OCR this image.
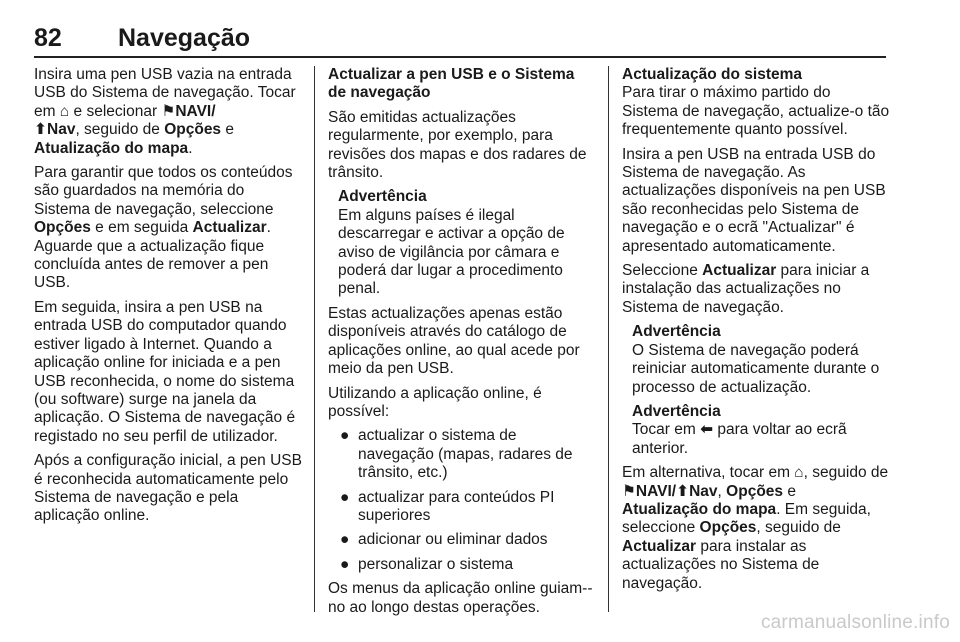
82 Navegação

Insira uma pen USB vazia na entrada USB do Sistema de navegação. Tocar em ⌂ e selecionar ⚑NAVI/
⬆Nav, seguido de Opções e Atualização do mapa.

Para garantir que todos os conteúdos são guardados na memória do Sistema de navegação, seleccione Opções e em seguida Actualizar. Aguarde que a actualização fique concluída antes de remover a pen USB.

Em seguida, insira a pen USB na entrada USB do computador quando estiver ligado à Internet. Quando a aplicação online for iniciada e a pen USB reconhecida, o nome do sistema (ou software) surge na janela da aplicação. O Sistema de navegação é registado no seu perfil de utilizador.

Após a configuração inicial, a pen USB é reconhecida automaticamente pelo Sistema de navegação e pela aplicação online.

Actualizar a pen USB e o Sistema de navegação

São emitidas actualizações regularmente, por exemplo, para revisões dos mapas e dos radares de trânsito.

Advertência
Em alguns países é ilegal descarregar e activar a opção de aviso de vigilância por câmara e poderá dar lugar a procedimento penal.

Estas actualizações apenas estão disponíveis através do catálogo de aplicações online, ao qual acede por meio da pen USB.

Utilizando a aplicação online, é possível:

● actualizar o sistema de navegação (mapas, radares de trânsito, etc.)
● actualizar para conteúdos PI superiores
● adicionar ou eliminar dados
● personalizar o sistema

Os menus da aplicação online guiam--no ao longo destas operações.

Actualização do sistema

Para tirar o máximo partido do Sistema de navegação, actualize-o tão frequentemente quanto possível.

Insira a pen USB na entrada USB do Sistema de navegação. As actualizações disponíveis na pen USB são reconhecidas pelo Sistema de navegação e o ecrã "Actualizar" é apresentado automaticamente.

Seleccione Actualizar para iniciar a instalação das actualizações no Sistema de navegação.

Advertência
O Sistema de navegação poderá reiniciar automaticamente durante o processo de actualização.
Advertência
Tocar em ⬅ para voltar ao ecrã anterior.

Em alternativa, tocar em ⌂, seguido de ⚑NAVI/⬆Nav, Opções e
Atualização do mapa. Em seguida, seleccione Opções, seguido de
Actualizar para instalar as actualizações no Sistema de navegação.

carmanualsonline.info
